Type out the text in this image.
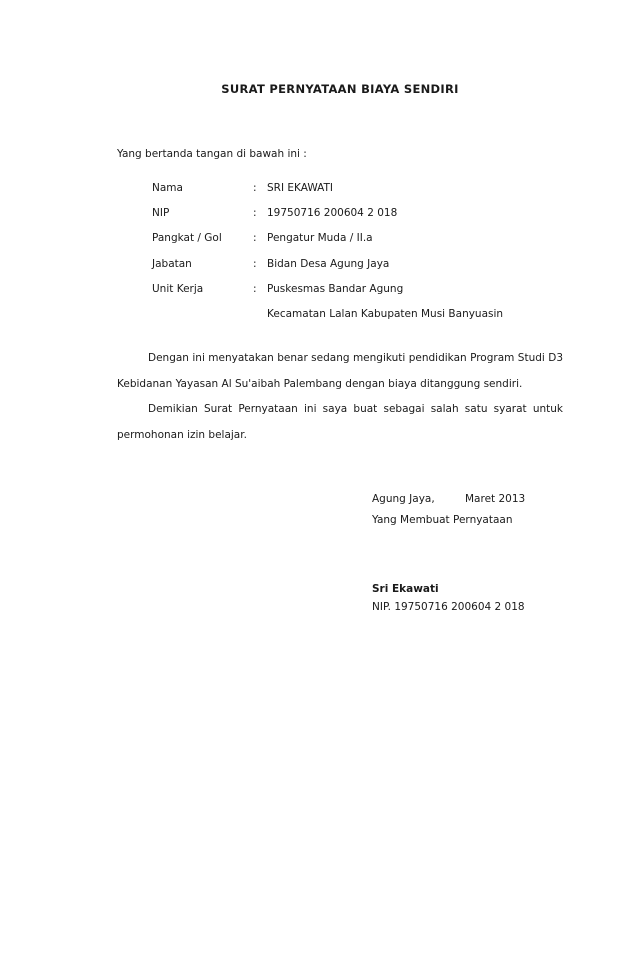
SURAT PERNYATAAN BIAYA SENDIRI
Yang bertanda tangan di bawah ini :
Nama	: SRI EKAWATI
NIP	: 19750716 200604 2 018
Pangkat / Gol	: Pengatur Muda / II.a
Jabatan	: Bidan Desa Agung Jaya
Unit Kerja	: Puskesmas Bandar Agung
Kecamatan Lalan Kabupaten Musi Banyuasin
Dengan ini menyatakan benar sedang mengikuti pendidikan Program Studi D3
Kebidanan Yayasan Al Su'aibah Palembang dengan biaya ditanggung sendiri.
Demikian Surat Pernyataan ini saya buat sebagai salah satu syarat untuk
permohonan izin belajar.
Agung Jaya,	Maret 2013
Yang Membuat Pernyataan
Sri Ekawati
NIP. 19750716 200604 2 018
